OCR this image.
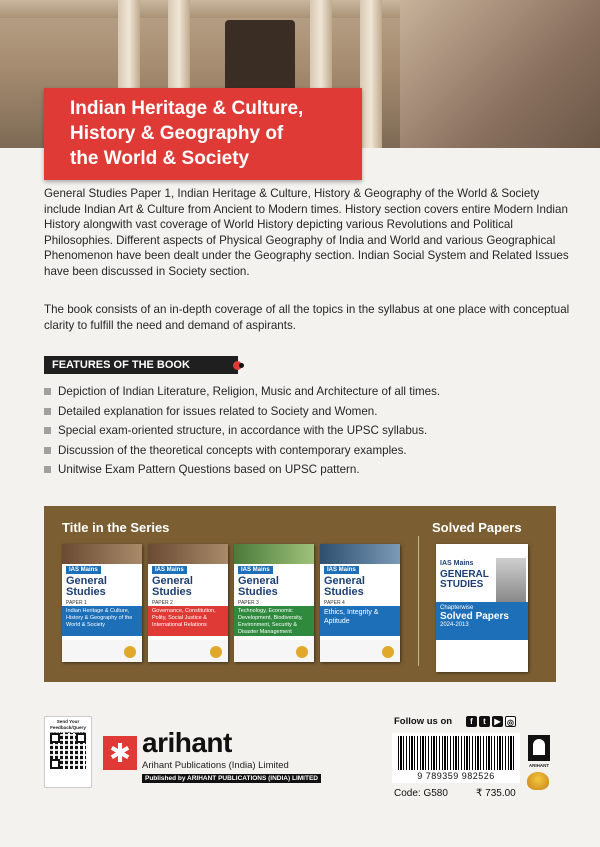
Indian Heritage & Culture,
History & Geography of
the World & Society

General Studies Paper 1, Indian Heritage & Culture, History & Geography of the World & Society include Indian Art & Culture from Ancient to Modern times. History section covers entire Modern Indian History alongwith vast coverage of World History depicting various Revolutions and Political Philosophies. Different aspects of Physical Geography of India and World and various Geographical Phenomenon have been dealt under the Geography section. Indian Social System and Related Issues have been discussed in Society section.

The book consists of an in-depth coverage of all the topics in the syllabus at one place with conceptual clarity to fulfill the need and demand of aspirants.

FEATURES OF THE BOOK
Depiction of Indian Literature, Religion, Music and Architecture of all times.
Detailed explanation for issues related to Society and Women.
Special exam-oriented structure, in accordance with the UPSC syllabus.
Discussion of the theoretical concepts with contemporary examples.
Unitwise Exam Pattern Questions based on UPSC pattern.
Title in the Series	Solved Papers
IAS Mains
General Studies
PAPER 1
Indian Heritage & Culture, History & Geography of the World & Society
IAS Mains
General Studies
PAPER 2
Governance, Constitution, Polity, Social Justice & International Relations
IAS Mains
General Studies
PAPER 3
Technology, Economic Development, Biodiversity, Environment, Security & Disaster Management
IAS Mains
General Studies
PAPER 4
Ethics, Integrity & Aptitude
IAS Mains
GENERAL STUDIES
Chapterwise
Solved Papers
2024-2013
Send Your Feedback/Query
✱ arihant
Arihant Publications (India) Limited
Published by ARIHANT PUBLICATIONS (INDIA) LIMITED
Follow us on	f	t	▶ ◎
9 789359 982526
Code: G580	₹ 735.00
ARIHANT
